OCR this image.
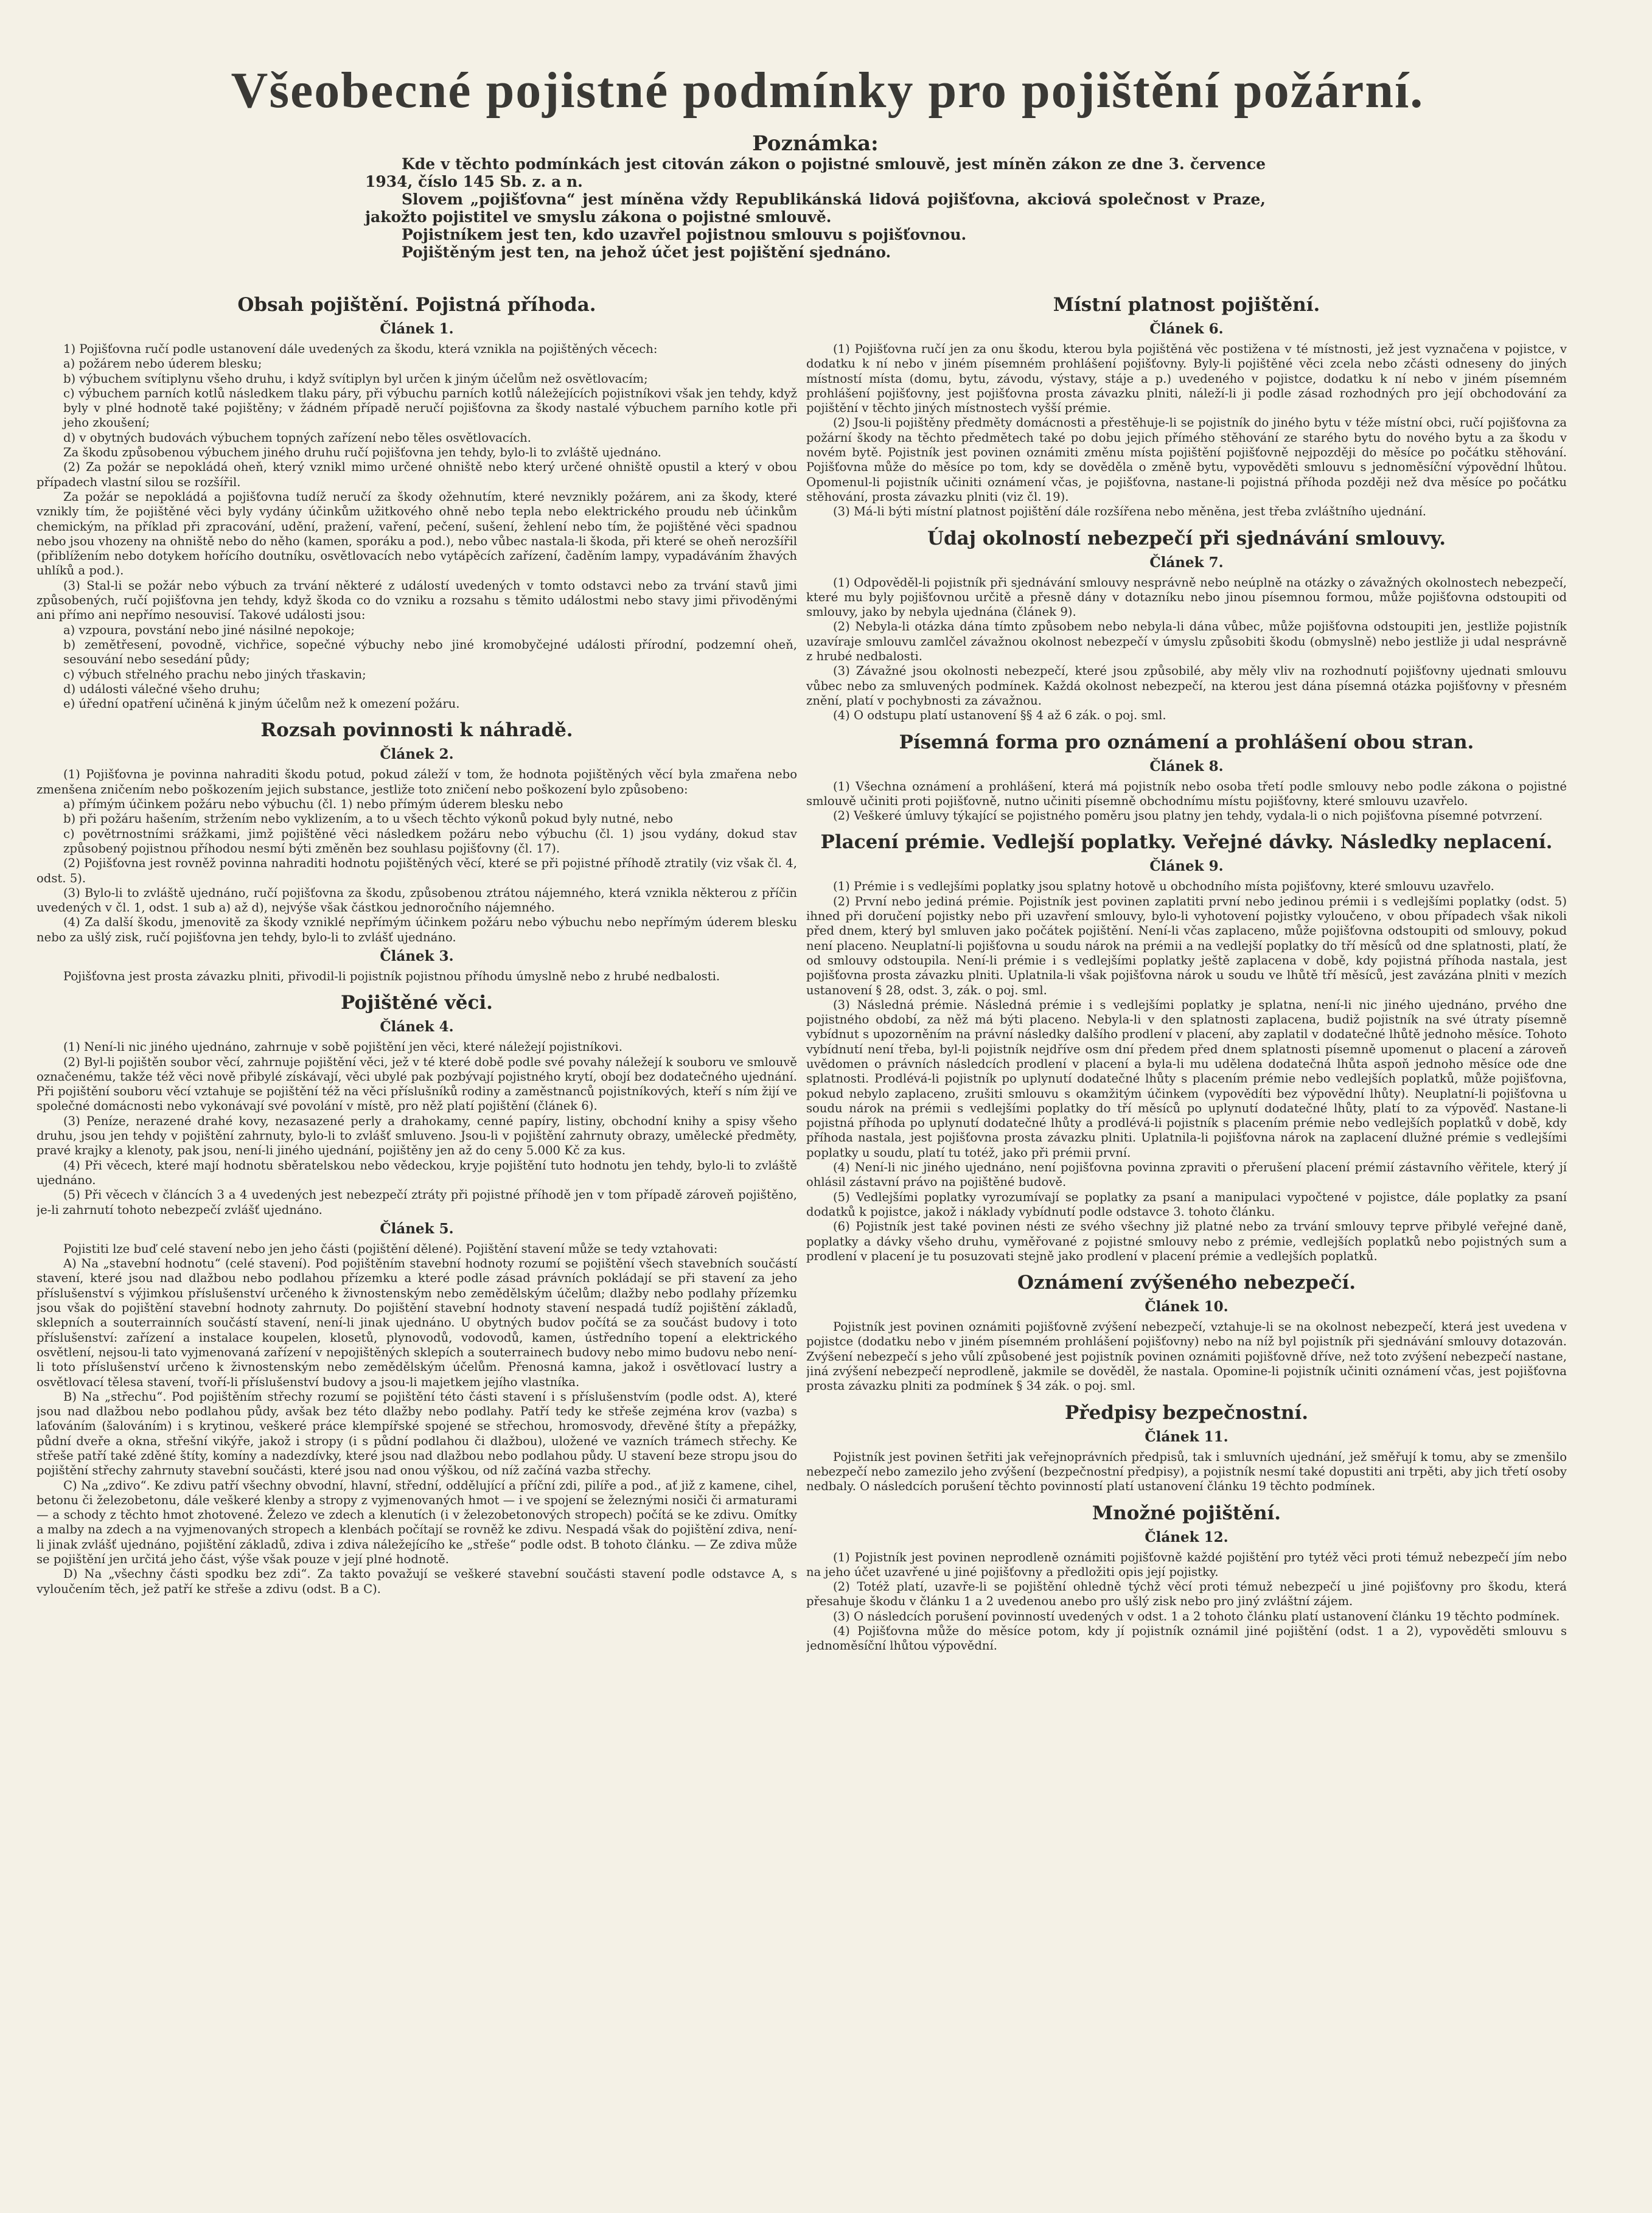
Všeobecné pojistné podmínky pro pojištění požární.
Poznámka:

Kde v těchto podmínkách jest citován zákon o pojistné smlouvě, jest míněn zákon ze dne 3. července 1934, číslo 145 Sb. z. a n.

Slovem „pojišťovna“ jest míněna vždy Republikánská lidová pojišťovna, akciová společnost v Praze, jakožto pojistitel ve smyslu zákona o pojistné smlouvě.

Pojistníkem jest ten, kdo uzavřel pojistnou smlouvu s pojišťovnou.

Pojištěným jest ten, na jehož účet jest pojištění sjednáno.

Obsah pojištění. Pojistná příhoda.
Článek 1.

1) Pojišťovna ručí podle ustanovení dále uvedených za škodu, která vznikla na pojištěných věcech:

a) požárem nebo úderem blesku;

b) výbuchem svítiplynu všeho druhu, i když svítiplyn byl určen k jiným účelům než osvětlovacím;

c) výbuchem parních kotlů následkem tlaku páry, při výbuchu parních kotlů náležejících pojistníkovi však jen tehdy, když byly v plné hodnotě také pojištěny; v žádném případě neručí pojišťovna za škody nastalé výbuchem parního kotle při jeho zkoušení;

d) v obytných budovách výbuchem topných zařízení nebo těles osvětlovacích.

Za škodu způsobenou výbuchem jiného druhu ručí pojišťovna jen tehdy, bylo-li to zvláště ujednáno.

(2) Za požár se nepokládá oheň, který vznikl mimo určené ohniště nebo který určené ohniště opustil a který v obou případech vlastní silou se rozšířil.

Za požár se nepokládá a pojišťovna tudíž neručí za škody ožehnutím, které nevznikly požárem, ani za škody, které vznikly tím, že pojištěné věci byly vydány účinkům užitkového ohně nebo tepla nebo elektrického proudu neb účinkům chemickým, na příklad při zpracování, udění, pražení, vaření, pečení, sušení, žehlení nebo tím, že pojištěné věci spadnou nebo jsou vhozeny na ohniště nebo do něho (kamen, sporáku a pod.), nebo vůbec nastala-li škoda, při které se oheň nerozšířil (přiblížením nebo dotykem hořícího doutníku, osvětlovacích nebo vytápěcích zařízení, čaděním lampy, vypadáváním žhavých uhlíků a pod.).

(3) Stal-li se požár nebo výbuch za trvání některé z událostí uvedených v tomto odstavci nebo za trvání stavů jimi způsobených, ručí pojišťovna jen tehdy, když škoda co do vzniku a rozsahu s těmito událostmi nebo stavy jimi přivoděnými ani přímo ani nepřímo nesouvisí. Takové události jsou:

a) vzpoura, povstání nebo jiné násilné nepokoje;

b) zemětřesení, povodně, vichřice, sopečné výbuchy nebo jiné kromobyčejné události přírodní, podzemní oheň, sesouvání nebo sesedání půdy;

c) výbuch střelného prachu nebo jiných třaskavin;

d) události válečné všeho druhu;

e) úřední opatření učiněná k jiným účelům než k omezení požáru.

Rozsah povinnosti k náhradě.
Článek 2.

(1) Pojišťovna je povinna nahraditi škodu potud, pokud záleží v tom, že hodnota pojištěných věcí byla zmařena nebo zmenšena zničením nebo poškozením jejich substance, jestliže toto zničení nebo poškození bylo způsobeno:

a) přímým účinkem požáru nebo výbuchu (čl. 1) nebo přímým úderem blesku nebo

b) při požáru hašením, stržením nebo vyklizením, a to u všech těchto výkonů pokud byly nutné, nebo

c) povětrnostními srážkami, jimž pojištěné věci následkem požáru nebo výbuchu (čl. 1) jsou vydány, dokud stav způsobený pojistnou příhodou nesmí býti změněn bez souhlasu pojišťovny (čl. 17).

(2) Pojišťovna jest rovněž povinna nahraditi hodnotu pojištěných věcí, které se při pojistné příhodě ztratily (viz však čl. 4, odst. 5).

(3) Bylo-li to zvláště ujednáno, ručí pojišťovna za škodu, způsobenou ztrátou nájemného, která vznikla některou z příčin uvedených v čl. 1, odst. 1 sub a) až d), nejvýše však částkou jednoročního nájemného.

(4) Za další škodu, jmenovitě za škody vzniklé nepřímým účinkem požáru nebo výbuchu nebo nepřímým úderem blesku nebo za ušlý zisk, ručí pojišťovna jen tehdy, bylo-li to zvlášť ujednáno.

Článek 3.

Pojišťovna jest prosta závazku plniti, přivodil-li pojistník pojistnou příhodu úmyslně nebo z hrubé nedbalosti.

Pojištěné věci.
Článek 4.

(1) Není-li nic jiného ujednáno, zahrnuje v sobě pojištění jen věci, které náležejí pojistníkovi.

(2) Byl-li pojištěn soubor věcí, zahrnuje pojištění věci, jež v té které době podle své povahy náležejí k souboru ve smlouvě označenému, takže též věci nově přibylé získávají, věci ubylé pak pozbývají pojistného krytí, obojí bez dodatečného ujednání. Při pojištění souboru věcí vztahuje se pojištění též na věci příslušníků rodiny a zaměstnanců pojistníkových, kteří s ním žijí ve společné domácnosti nebo vykonávají své povolání v místě, pro něž platí pojištění (článek 6).

(3) Peníze, nerazené drahé kovy, nezasazené perly a drahokamy, cenné papíry, listiny, obchodní knihy a spisy všeho druhu, jsou jen tehdy v pojištění zahrnuty, bylo-li to zvlášť smluveno. Jsou-li v pojištění zahrnuty obrazy, umělecké předměty, pravé krajky a klenoty, pak jsou, není-li jiného ujednání, pojištěny jen až do ceny 5.000 Kč za kus.

(4) Při věcech, které mají hodnotu sběratelskou nebo vědeckou, kryje pojištění tuto hodnotu jen tehdy, bylo-li to zvláště ujednáno.

(5) Při věcech v článcích 3 a 4 uvedených jest nebezpečí ztráty při pojistné příhodě jen v tom případě zároveň pojištěno, je-li zahrnutí tohoto nebezpečí zvlášť ujednáno.

Článek 5.

Pojistiti lze buď celé stavení nebo jen jeho části (pojištění dělené). Pojištění stavení může se tedy vztahovati:

A) Na „stavební hodnotu“ (celé stavení). Pod pojištěním stavební hodnoty rozumí se pojištění všech stavebních součástí stavení, které jsou nad dlažbou nebo podlahou přízemku a které podle zásad právních pokládají se při stavení za jeho příslušenství s výjimkou příslušenství určeného k živnostenským nebo zemědělským účelům; dlažby nebo podlahy přízemku jsou však do pojištění stavební hodnoty zahrnuty. Do pojištění stavební hodnoty stavení nespadá tudíž pojištění základů, sklepních a souterrainních součástí stavení, není-li jinak ujednáno. U obytných budov počítá se za součást budovy i toto příslušenství: zařízení a instalace koupelen, klosetů, plynovodů, vodovodů, kamen, ústředního topení a elektrického osvětlení, nejsou-li tato vyjmenovaná zařízení v nepojištěných sklepích a souterrainech budovy nebo mimo budovu nebo není-li toto příslušenství určeno k živnostenským nebo zemědělským účelům. Přenosná kamna, jakož i osvětlovací lustry a osvětlovací tělesa stavení, tvoří-li příslušenství budovy a jsou-li majetkem jejího vlastníka.

B) Na „střechu“. Pod pojištěním střechy rozumí se pojištění této části stavení i s příslušenstvím (podle odst. A), které jsou nad dlažbou nebo podlahou půdy, avšak bez této dlažby nebo podlahy. Patří tedy ke střeše zejména krov (vazba) s laťováním (šalováním) i s krytinou, veškeré práce klempířské spojené se střechou, hromosvody, dřevěné štíty a přepážky, půdní dveře a okna, střešní vikýře, jakož i stropy (i s půdní podlahou či dlažbou), uložené ve vazních trámech střechy. Ke střeše patří také zděné štíty, komíny a nadezdívky, které jsou nad dlažbou nebo podlahou půdy. U stavení beze stropu jsou do pojištění střechy zahrnuty stavební součásti, které jsou nad onou výškou, od níž začíná vazba střechy.

C) Na „zdivo“. Ke zdivu patří všechny obvodní, hlavní, střední, oddělující a příční zdi, pilíře a pod., ať již z kamene, cihel, betonu či železobetonu, dále veškeré klenby a stropy z vyjmenovaných hmot — i ve spojení se železnými nosiči či armaturami — a schody z těchto hmot zhotovené. Železo ve zdech a klenutích (i v železobetonových stropech) počítá se ke zdivu. Omítky a malby na zdech a na vyjmenovaných stropech a klenbách počítají se rovněž ke zdivu. Nespadá však do pojištění zdiva, není-li jinak zvlášť ujednáno, pojištění základů, zdiva i zdiva náležejícího ke „střeše“ podle odst. B tohoto článku. — Ze zdiva může se pojištění jen určitá jeho část, výše však pouze v její plné hodnotě.

D) Na „všechny části spodku bez zdi“. Za takto považují se veškeré stavební součásti stavení podle odstavce A, s vyloučením těch, jež patří ke střeše a zdivu (odst. B a C).

Místní platnost pojištění.
Článek 6.

(1) Pojišťovna ručí jen za onu škodu, kterou byla pojištěná věc postižena v té místnosti, jež jest vyznačena v pojistce, v dodatku k ní nebo v jiném písemném prohlášení pojišťovny. Byly-li pojištěné věci zcela nebo zčásti odneseny do jiných místností místa (domu, bytu, závodu, výstavy, stáje a p.) uvedeného v pojistce, dodatku k ní nebo v jiném písemném prohlášení pojišťovny, jest pojišťovna prosta závazku plniti, náleží-li ji podle zásad rozhodných pro její obchodování za pojištění v těchto jiných místnostech vyšší prémie.

(2) Jsou-li pojištěny předměty domácnosti a přestěhuje-li se pojistník do jiného bytu v téže místní obci, ručí pojišťovna za požární škody na těchto předmětech také po dobu jejich přímého stěhování ze starého bytu do nového bytu a za škodu v novém bytě. Pojistník jest povinen oznámiti změnu místa pojištění pojišťovně nejpozději do měsíce po počátku stěhování. Pojišťovna může do měsíce po tom, kdy se dověděla o změně bytu, vypověděti smlouvu s jednoměsíční výpovědní lhůtou. Opomenul-li pojistník učiniti oznámení včas, je pojišťovna, nastane-li pojistná příhoda později než dva měsíce po počátku stěhování, prosta závazku plniti (viz čl. 19).

(3) Má-li býti místní platnost pojištění dále rozšířena nebo měněna, jest třeba zvláštního ujednání.

Údaj okolností nebezpečí při sjednávání smlouvy.
Článek 7.

(1) Odpověděl-li pojistník při sjednávání smlouvy nesprávně nebo neúplně na otázky o závažných okolnostech nebezpečí, které mu byly pojišťovnou určitě a přesně dány v dotazníku nebo jinou písemnou formou, může pojišťovna odstoupiti od smlouvy, jako by nebyla ujednána (článek 9).

(2) Nebyla-li otázka dána tímto způsobem nebo nebyla-li dána vůbec, může pojišťovna odstoupiti jen, jestliže pojistník uzavíraje smlouvu zamlčel závažnou okolnost nebezpečí v úmyslu způsobiti škodu (obmyslně) nebo jestliže ji udal nesprávně z hrubé nedbalosti.

(3) Závažné jsou okolnosti nebezpečí, které jsou způsobilé, aby měly vliv na rozhodnutí pojišťovny ujednati smlouvu vůbec nebo za smluvených podmínek. Každá okolnost nebezpečí, na kterou jest dána písemná otázka pojišťovny v přesném znění, platí v pochybnosti za závažnou.

(4) O odstupu platí ustanovení §§ 4 až 6 zák. o poj. sml.

Písemná forma pro oznámení a prohlášení obou stran.
Článek 8.

(1) Všechna oznámení a prohlášení, která má pojistník nebo osoba třetí podle smlouvy nebo podle zákona o pojistné smlouvě učiniti proti pojišťovně, nutno učiniti písemně obchodnímu místu pojišťovny, které smlouvu uzavřelo.

(2) Veškeré úmluvy týkající se pojistného poměru jsou platny jen tehdy, vydala-li o nich pojišťovna písemné potvrzení.

Placení prémie. Vedlejší poplatky. Veřejné dávky. Následky neplacení.
Článek 9.

(1) Prémie i s vedlejšími poplatky jsou splatny hotově u obchodního místa pojišťovny, které smlouvu uzavřelo.

(2) První nebo jediná prémie. Pojistník jest povinen zaplatiti první nebo jedinou prémii i s vedlejšími poplatky (odst. 5) ihned při doručení pojistky nebo při uzavření smlouvy, bylo-li vyhotovení pojistky vyloučeno, v obou případech však nikoli před dnem, který byl smluven jako počátek pojištění. Není-li včas zaplaceno, může pojišťovna odstoupiti od smlouvy, pokud není placeno. Neuplatní-li pojišťovna u soudu nárok na prémii a na vedlejší poplatky do tří měsíců od dne splatnosti, platí, že od smlouvy odstoupila. Není-li prémie i s vedlejšími poplatky ještě zaplacena v době, kdy pojistná příhoda nastala, jest pojišťovna prosta závazku plniti. Uplatnila-li však pojišťovna nárok u soudu ve lhůtě tří měsíců, jest zavázána plniti v mezích ustanovení § 28, odst. 3, zák. o poj. sml.

(3) Následná prémie. Následná prémie i s vedlejšími poplatky je splatna, není-li nic jiného ujednáno, prvého dne pojistného období, za něž má býti placeno. Nebyla-li v den splatnosti zaplacena, budiž pojistník na své útraty písemně vybídnut s upozorněním na právní následky dalšího prodlení v placení, aby zaplatil v dodatečné lhůtě jednoho měsíce. Tohoto vybídnutí není třeba, byl-li pojistník nejdříve osm dní předem před dnem splatnosti písemně upomenut o placení a zároveň uvědomen o právních následcích prodlení v placení a byla-li mu udělena dodatečná lhůta aspoň jednoho měsíce ode dne splatnosti. Prodlévá-li pojistník po uplynutí dodatečné lhůty s placením prémie nebo vedlejších poplatků, může pojišťovna, pokud nebylo zaplaceno, zrušiti smlouvu s okamžitým účinkem (vypovědíti bez výpovědní lhůty). Neuplatní-li pojišťovna u soudu nárok na prémii s vedlejšími poplatky do tří měsíců po uplynutí dodatečné lhůty, platí to za výpověď. Nastane-li pojistná příhoda po uplynutí dodatečné lhůty a prodlévá-li pojistník s placením prémie nebo vedlejších poplatků v době, kdy příhoda nastala, jest pojišťovna prosta závazku plniti. Uplatnila-li pojišťovna nárok na zaplacení dlužné prémie s vedlejšími poplatky u soudu, platí tu totéž, jako při prémii první.

(4) Není-li nic jiného ujednáno, není pojišťovna povinna zpraviti o přerušení placení prémií zástavního věřitele, který jí ohlásil zástavní právo na pojištěné budově.

(5) Vedlejšími poplatky vyrozumívají se poplatky za psaní a manipulaci vypočtené v pojistce, dále poplatky za psaní dodatků k pojistce, jakož i náklady vybídnutí podle odstavce 3. tohoto článku.

(6) Pojistník jest také povinen nésti ze svého všechny již platné nebo za trvání smlouvy teprve přibylé veřejné daně, poplatky a dávky všeho druhu, vyměřované z pojistné smlouvy nebo z prémie, vedlejších poplatků nebo pojistných sum a prodlení v placení je tu posuzovati stejně jako prodlení v placení prémie a vedlejších poplatků.

Oznámení zvýšeného nebezpečí.
Článek 10.

Pojistník jest povinen oznámiti pojišťovně zvýšení nebezpečí, vztahuje-li se na okolnost nebezpečí, která jest uvedena v pojistce (dodatku nebo v jiném písemném prohlášení pojišťovny) nebo na níž byl pojistník při sjednávání smlouvy dotazován. Zvýšení nebezpečí s jeho vůlí způsobené jest pojistník povinen oznámiti pojišťovně dříve, než toto zvýšení nebezpečí nastane, jiná zvýšení nebezpečí neprodleně, jakmile se dověděl, že nastala. Opomine-li pojistník učiniti oznámení včas, jest pojišťovna prosta závazku plniti za podmínek § 34 zák. o poj. sml.

Předpisy bezpečnostní.
Článek 11.

Pojistník jest povinen šetřiti jak veřejnoprávních předpisů, tak i smluvních ujednání, jež směřují k tomu, aby se zmenšilo nebezpečí nebo zamezilo jeho zvýšení (bezpečnostní předpisy), a pojistník nesmí také dopustiti ani trpěti, aby jich třetí osoby nedbaly. O následcích porušení těchto povinností platí ustanovení článku 19 těchto podmínek.

Množné pojištění.
Článek 12.

(1) Pojistník jest povinen neprodleně oznámiti pojišťovně každé pojištění pro tytéž věci proti témuž nebezpečí jím nebo na jeho účet uzavřené u jiné pojišťovny a předložiti opis její pojistky.

(2) Totéž platí, uzavře-li se pojištění ohledně týchž věcí proti témuž nebezpečí u jiné pojišťovny pro škodu, která přesahuje škodu v článku 1 a 2 uvedenou anebo pro ušlý zisk nebo pro jiný zvláštní zájem.

(3) O následcích porušení povinností uvedených v odst. 1 a 2 tohoto článku platí ustanovení článku 19 těchto podmínek.

(4) Pojišťovna může do měsíce potom, kdy jí pojistník oznámil jiné pojištění (odst. 1 a 2), vypověděti smlouvu s jednoměsíční lhůtou výpovědní.
